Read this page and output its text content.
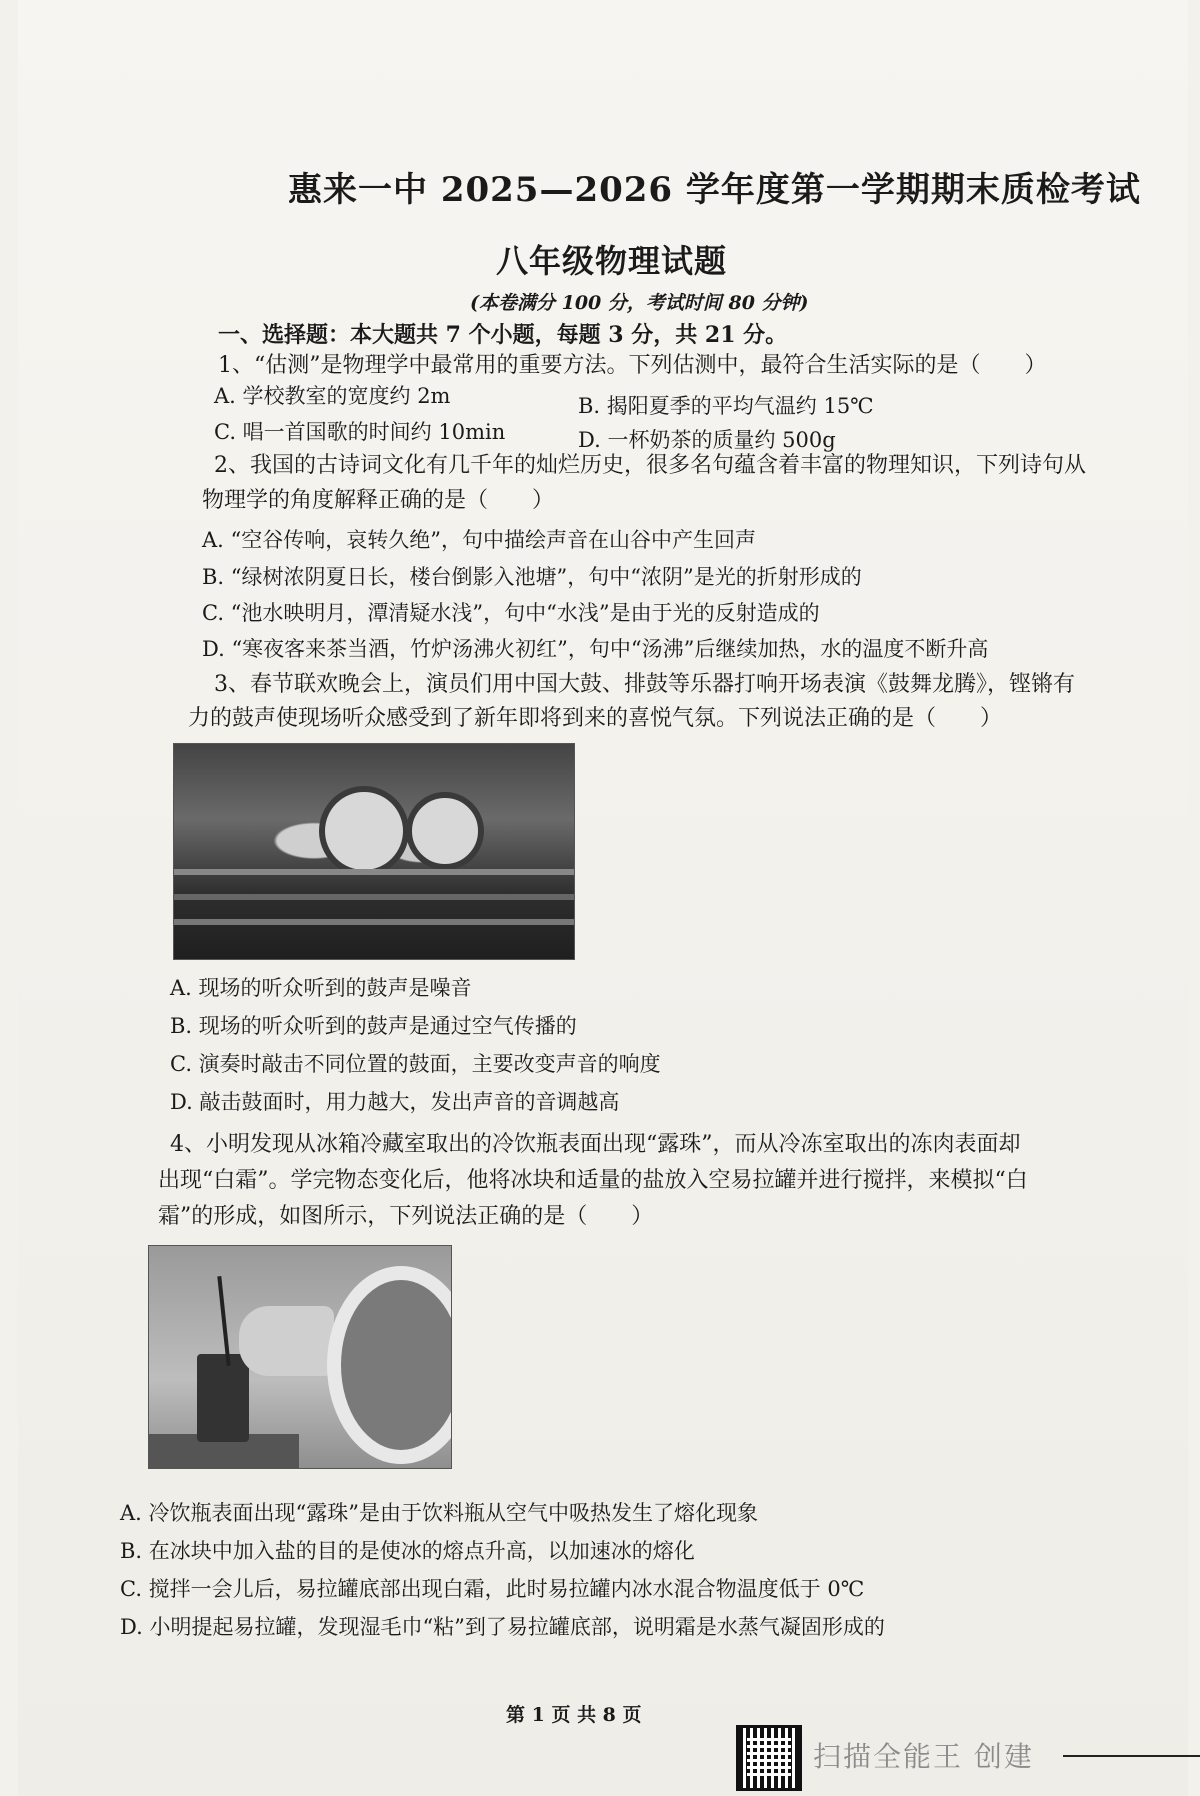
惠来一中 2025—2026 学年度第一学期期末质检考试
八年级物理试题
(本卷满分 100 分，考试时间 80 分钟)
一、选择题：本大题共 7 个小题，每题 3 分，共 21 分。
1、“估测”是物理学中最常用的重要方法。下列估测中，最符合生活实际的是（　　）
A. 学校教室的宽度约 2m	B. 揭阳夏季的平均气温约 15℃
C. 唱一首国歌的时间约 10min	D. 一杯奶茶的质量约 500g
2、我国的古诗词文化有几千年的灿烂历史，很多名句蕴含着丰富的物理知识，下列诗句从
物理学的角度解释正确的是（　　）
A. “空谷传响，哀转久绝”，句中描绘声音在山谷中产生回声
B. “绿树浓阴夏日长，楼台倒影入池塘”，句中“浓阴”是光的折射形成的
C. “池水映明月，潭清疑水浅”，句中“水浅”是由于光的反射造成的
D. “寒夜客来茶当酒，竹炉汤沸火初红”，句中“汤沸”后继续加热，水的温度不断升高
3、春节联欢晚会上，演员们用中国大鼓、排鼓等乐器打响开场表演《鼓舞龙腾》，铿锵有
力的鼓声使现场听众感受到了新年即将到来的喜悦气氛。下列说法正确的是（　　）
A. 现场的听众听到的鼓声是噪音
B. 现场的听众听到的鼓声是通过空气传播的
C. 演奏时敲击不同位置的鼓面，主要改变声音的响度
D. 敲击鼓面时，用力越大，发出声音的音调越高
4、小明发现从冰箱冷藏室取出的冷饮瓶表面出现“露珠”，而从冷冻室取出的冻肉表面却
出现“白霜”。学完物态变化后，他将冰块和适量的盐放入空易拉罐并进行搅拌，来模拟“白
霜”的形成，如图所示，下列说法正确的是（　　）
A. 冷饮瓶表面出现“露珠”是由于饮料瓶从空气中吸热发生了熔化现象
B. 在冰块中加入盐的目的是使冰的熔点升高，以加速冰的熔化
C. 搅拌一会儿后，易拉罐底部出现白霜，此时易拉罐内冰水混合物温度低于 0℃
D. 小明提起易拉罐，发现湿毛巾“粘”到了易拉罐底部，说明霜是水蒸气凝固形成的
第 1 页 共 8 页
扫描全能王 创建
